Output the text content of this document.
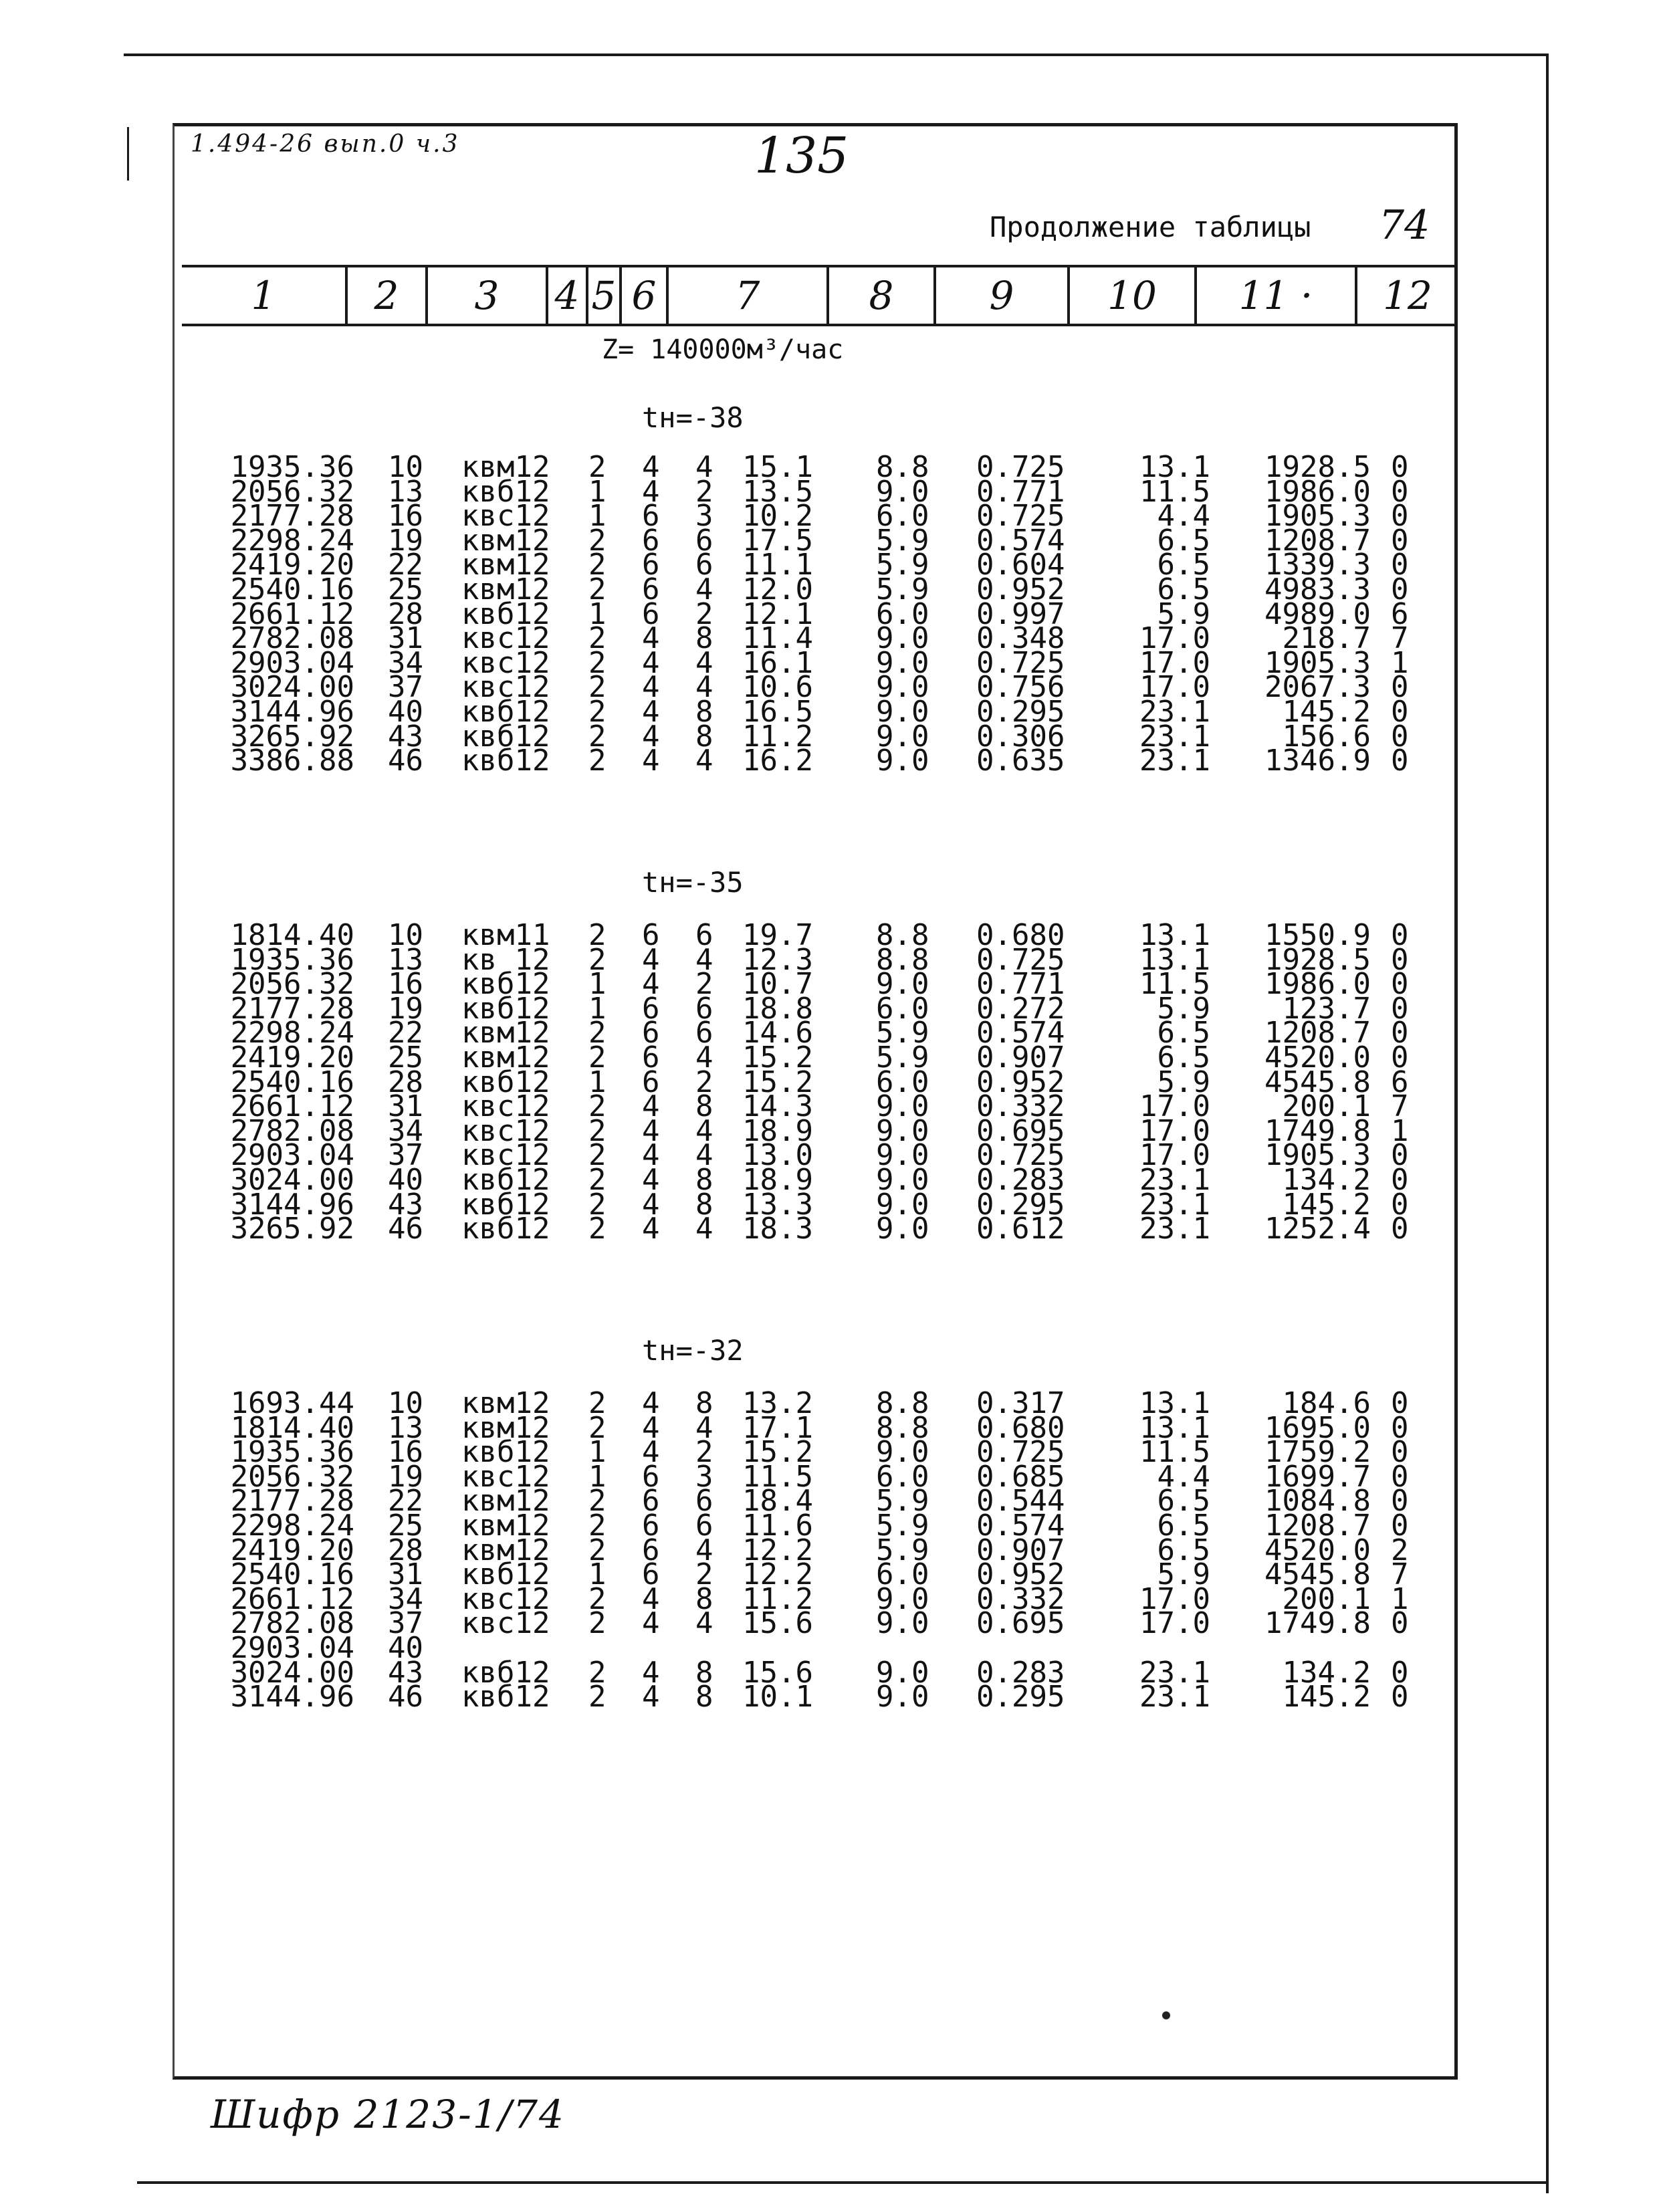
1.494-26 вып.0 ч.3	135
Продолжение таблицы 74
1	2	3	4 5 6	7	8	9	10	11 ·	12
Z= 140000м³/час
tн=-38
1935.36 10 квм12 2 4 4 15.1 8.8 0.725	13.1	1928.5 0
2056.32 13 квб12 1 4 2 13.5 9.0 0.771	11.5	1986.0 0
2177.28 16 квс12 1 6 3 10.2 6.0 0.725	4.4	1905.3 0
2298.24 19 квм12 2 6 6 17.5 5.9 0.574	6.5	1208.7 0
2419.20 22 квм12 2 6 6 11.1 5.9 0.604	6.5	1339.3 0
2540.16 25 квм12 2 6 4 12.0 5.9 0.952	6.5	4983.3 0
2661.12 28 квб12 1 6 2 12.1 6.0 0.997	5.9	4989.0 6
2782.08 31 квс12 2 4 8 11.4 9.0 0.348	17.0	218.7 7
2903.04 34 квс12 2 4 4 16.1 9.0 0.725	17.0	1905.3 1
3024.00 37 квс12 2 4 4 10.6 9.0 0.756	17.0	2067.3 0
3144.96 40 квб12 2 4 8 16.5 9.0 0.295	23.1	145.2 0
3265.92 43 квб12 2 4 8 11.2 9.0 0.306	23.1	156.6 0
3386.88 46 квб12 2 4 4 16.2 9.0 0.635	23.1	1346.9 0
tн=-35
1814.40 10 квм11 2 6 6 19.7 8.8 0.680	13.1	1550.9 0
1935.36 13 кв 12 2 4 4 12.3 8.8 0.725	13.1	1928.5 0
2056.32 16 квб12 1 4 2 10.7 9.0 0.771	11.5	1986.0 0
2177.28 19 квб12 1 6 6 18.8 6.0 0.272	5.9	123.7 0
2298.24 22 квм12 2 6 6 14.6 5.9 0.574	6.5	1208.7 0
2419.20 25 квм12 2 6 4 15.2 5.9 0.907	6.5	4520.0 0
2540.16 28 квб12 1 6 2 15.2 6.0 0.952	5.9	4545.8 6
2661.12 31 квс12 2 4 8 14.3 9.0 0.332	17.0	200.1 7
2782.08 34 квс12 2 4 4 18.9 9.0 0.695	17.0	1749.8 1
2903.04 37 квс12 2 4 4 13.0 9.0 0.725	17.0	1905.3 0
3024.00 40 квб12 2 4 8 18.9 9.0 0.283	23.1	134.2 0
3144.96 43 квб12 2 4 8 13.3 9.0 0.295	23.1	145.2 0
3265.92 46 квб12 2 4 4 18.3 9.0 0.612	23.1	1252.4 0
tн=-32
1693.44 10 квм12 2 4 8 13.2 8.8 0.317	13.1	184.6 0
1814.40 13 квм12 2 4 4 17.1 8.8 0.680	13.1	1695.0 0
1935.36 16 квб12 1 4 2 15.2 9.0 0.725	11.5	1759.2 0
2056.32 19 квс12 1 6 3 11.5 6.0 0.685	4.4	1699.7 0
2177.28 22 квм12 2 6 6 18.4 5.9 0.544	6.5	1084.8 0
2298.24 25 квм12 2 6 6 11.6 5.9 0.574	6.5	1208.7 0
2419.20 28 квм12 2 6 4 12.2 5.9 0.907	6.5	4520.0 2
2540.16 31 квб12 1 6 2 12.2 6.0 0.952	5.9	4545.8 7
2661.12 34 квс12 2 4 8 11.2 9.0 0.332	17.0	200.1 1
2782.08 37 квс12 2 4 4 15.6 9.0 0.695	17.0	1749.8 0
2903.04 40
3024.00 43 квб12 2 4 8 15.6 9.0 0.283	23.1	134.2 0
3144.96 46 квб12 2 4 8 10.1 9.0 0.295	23.1	145.2 0
Шифр 2123-1/74
